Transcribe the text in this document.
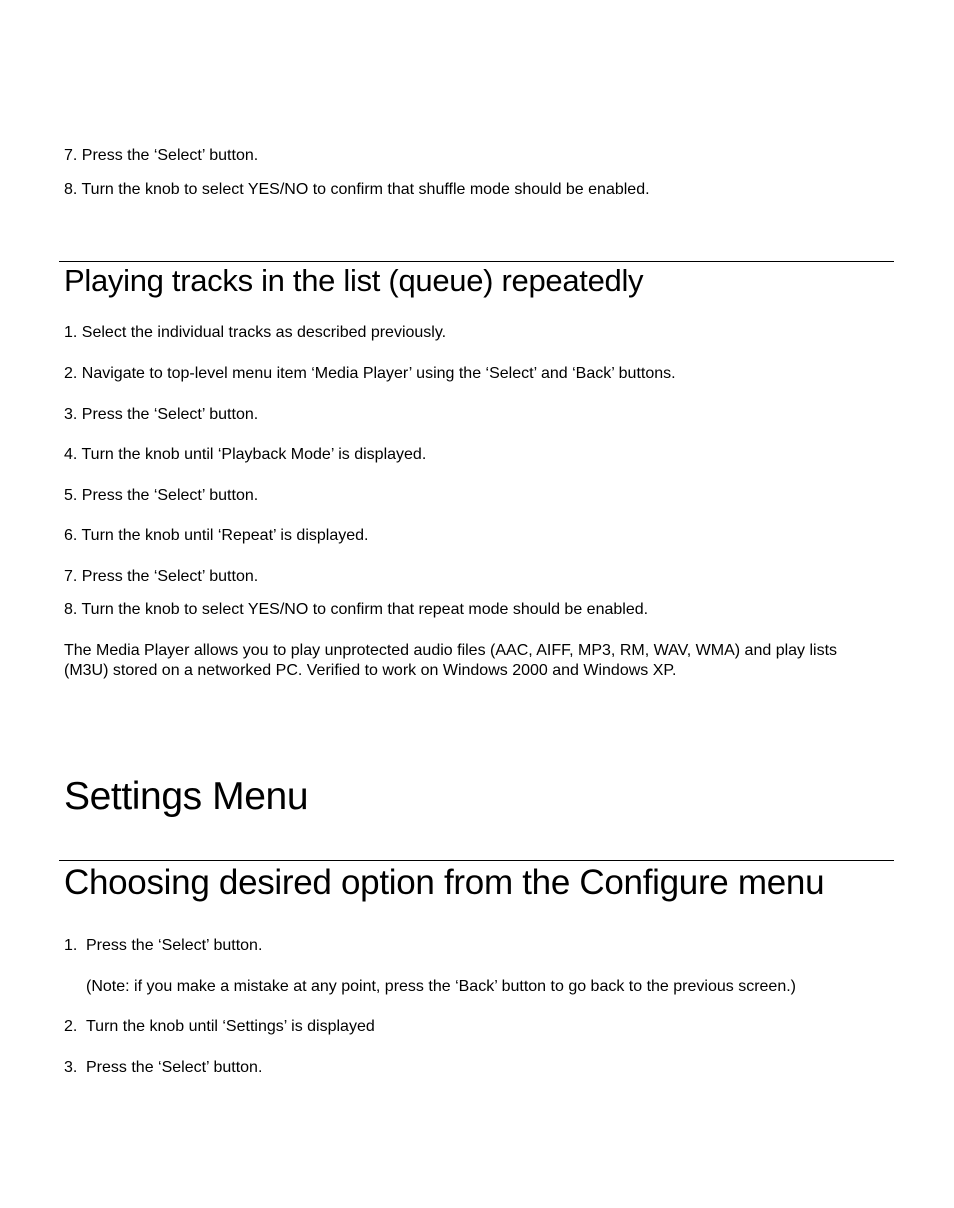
7. Press the ‘Select’ button.

8. Turn the knob to select YES/NO to confirm that shuffle mode should be enabled.

Playing tracks in the list (queue) repeatedly

1. Select the individual tracks as described previously.

2. Navigate to top-level menu item ‘Media Player’ using the ‘Select’ and ‘Back’ buttons.

3. Press the ‘Select’ button.

4. Turn the knob until ‘Playback Mode’ is displayed.

5. Press the ‘Select’ button.

6. Turn the knob until ‘Repeat’ is displayed.

7. Press the ‘Select’ button.

8. Turn the knob to select YES/NO to confirm that repeat mode should be enabled.

The Media Player allows you to play unprotected audio files (AAC, AIFF, MP3, RM, WAV, WMA) and play lists (M3U) stored on a networked PC. Verified to work on Windows 2000 and Windows XP.

Settings Menu
Choosing desired option from the Configure menu

1. Press the ‘Select’ button.

(Note: if you make a mistake at any point, press the ‘Back’ button to go back to the previous screen.)

2. Turn the knob until ‘Settings’ is displayed

3. Press the ‘Select’ button.
